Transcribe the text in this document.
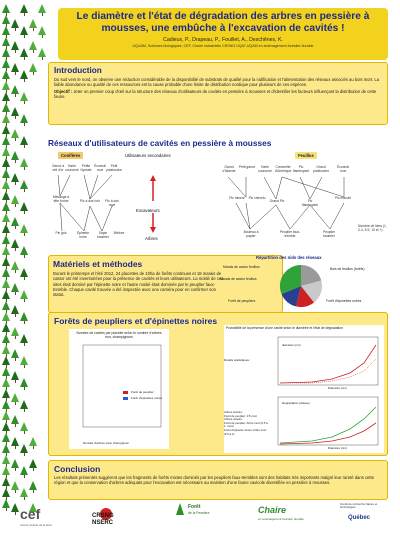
Le diamètre et l'état de dégradation des arbres en pessière à mousses, une embûche à l'excavation de cavités !
Cadieux, P., Drapeau, P., Fouillet, A., Deschênes, K.
UQUAM, Sciences biologiques, CEF, Chaire industrielle CRSNG UQAT-UQAM en aménagement forestier durable
Introduction
Du sud vers le nord, on observe une réduction considérable de la disponibilité de substrats de qualité pour la nidification et l'alimentation des réseaux associés au bois mort. La faible abondance ou qualité de ces ressources est la cause probable d'une limite de distribution nordique pour plusieurs de ces espèces.
Objectif : Jeter un premier coup d'œil sur la structure des réseaux d'utilisateurs de cavités en pessière à mousses et d'identifier les facteurs influençant la distribution de cette faune.
Réseaux d'utilisateurs de cavités en pessière à mousses
Conifères	Utilisateurs secondaires	Feuillus
Excavateurs
Arbres
Garrot à œil d'or
Harle couronné
Petite Nyctale
Écureuil roux
Petit polatouche
Mésange à tête brune	Pic à dos noir	Pic à dos rayé
Pin gris	Épinette noire
Sapin baumier
Mélèze
Garrot d'Islande
Petit garrot	Harle couronné
Crécerelle d'Amérique
Pic flamboyant
Grand polatouche
Écureuil roux
Pic mineur	Pic chevelu
Grand Pic	Pic flamboyant
Pic maculé
Bouleau à papier
Peuplier faux-tremble
Peuplier baumier
Nombre de liens (1, 2-4, 5-9, 10 et +)
Matériels et méthodes
Durant le printemps et l'été 2012, 24 placettes de 10ha de forêts continues et 18 marais de castor ont été inventoriées pour la présence de cavités et leurs utilisateurs. La moitié de ces sites était dominé par l'épinette noire et l'autre moitié était dominée par le peuplier faux-tremble. Chaque cavité trouvée a été inspectée avec une caméra pour en confirmer son statut.
Répartition des nids des réseaux
Marais de castor feuillus	Bois de feuillus (forêts)
Marais de castor feuillus
Forêt de peupliers	Forêt d'épinettes noires
Forêts de peupliers et d'épinettes noires
Nombre de cavités par placette selon le nombre d'arbres mor, champignons
Forêt de peuplier
Forêt d'épinettes noires
Densité d'arbres sans champignon
Probabilité de la présence d'une cavité selon le diamètre et l'état de dégradation
Détails statistiques :
Arbres vivants:
Forêt de peuplier: 0.5 mort
Arbres vivants:
Forêt de peuplier: Arbre mort (0.5 à 1, mort)
Forêt d'épinette noires: Arbre mort (0.5 à 1)
diamètre (cm)
Diamètre (cm)
Dégradation (classe)
Diamètre (cm)
Conclusion
Les résultats présentés suggèrent que les fragments de forêts mixtes dominés par les peupliers faux-trembles sont des habitats très importants malgré leur rareté dans cette région et que la conservation d'arbres adéquats pour l'excavation est nécessaire au maintien d'une faune cavicole diversifiée en pessière à mousses.
cef
Centre d'étude de la forêt
CRSNG
NSERC
Forêt
de la Pessière	Chaire
en aménagement forestier durable
Fonds de recherche Nature et technologies
Québec
